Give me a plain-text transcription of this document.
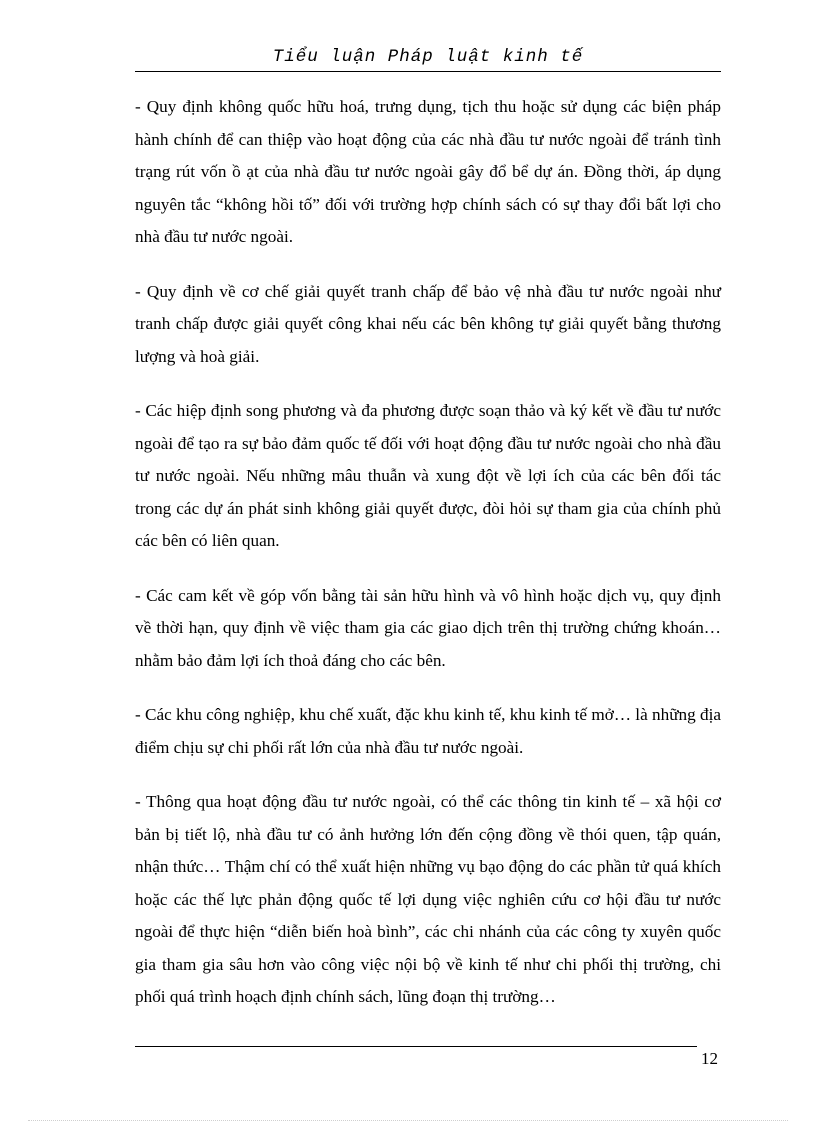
Tiểu luận Pháp luật kinh tế

- Quy định không quốc hữu hoá, trưng dụng, tịch thu hoặc sử dụng các biện pháp hành chính để can thiệp vào hoạt động của các nhà đầu tư nước ngoài để tránh tình trạng rút vốn ồ ạt của nhà đầu tư nước ngoài gây đổ bể dự án. Đồng thời, áp dụng nguyên tắc “không hồi tố” đối với trường hợp chính sách có sự thay đổi bất lợi cho nhà đầu tư nước ngoài.

- Quy định về cơ chế giải quyết tranh chấp để bảo vệ nhà đầu tư nước ngoài như tranh chấp được giải quyết công khai nếu các bên không tự giải quyết bằng thương lượng và hoà giải.

- Các hiệp định song phương và đa phương được soạn thảo và ký kết về đầu tư nước ngoài để tạo ra sự bảo đảm quốc tế đối với hoạt động đầu tư nước ngoài cho nhà đầu tư nước ngoài. Nếu những mâu thuẫn và xung đột về lợi ích của các bên đối tác trong các dự án phát sinh không giải quyết được, đòi hỏi sự tham gia của chính phủ các bên có liên quan.

- Các cam kết về góp vốn bằng tài sản hữu hình và vô hình hoặc dịch vụ, quy định về thời hạn, quy định về việc tham gia các giao dịch trên thị trường chứng khoán… nhằm bảo đảm lợi ích thoả đáng cho các bên.

- Các khu công nghiệp, khu chế xuất, đặc khu kinh tế, khu kinh tế mở… là những địa điểm chịu sự chi phối rất lớn của nhà đầu tư nước ngoài.

- Thông qua hoạt động đầu tư nước ngoài, có thể các thông tin kinh tế – xã hội cơ bản bị tiết lộ, nhà đầu tư có ảnh hưởng lớn đến cộng đồng về thói quen, tập quán, nhận thức… Thậm chí có thể xuất hiện những vụ bạo động do các phần tử quá khích hoặc các thế lực phản động quốc tế lợi dụng việc nghiên cứu cơ hội đầu tư nước ngoài để thực hiện “diễn biến hoà bình”, các chi nhánh của các công ty xuyên quốc gia tham gia sâu hơn vào công việc nội bộ về kinh tế như chi phối thị trường, chi phối quá trình hoạch định chính sách, lũng đoạn thị trường…

12
